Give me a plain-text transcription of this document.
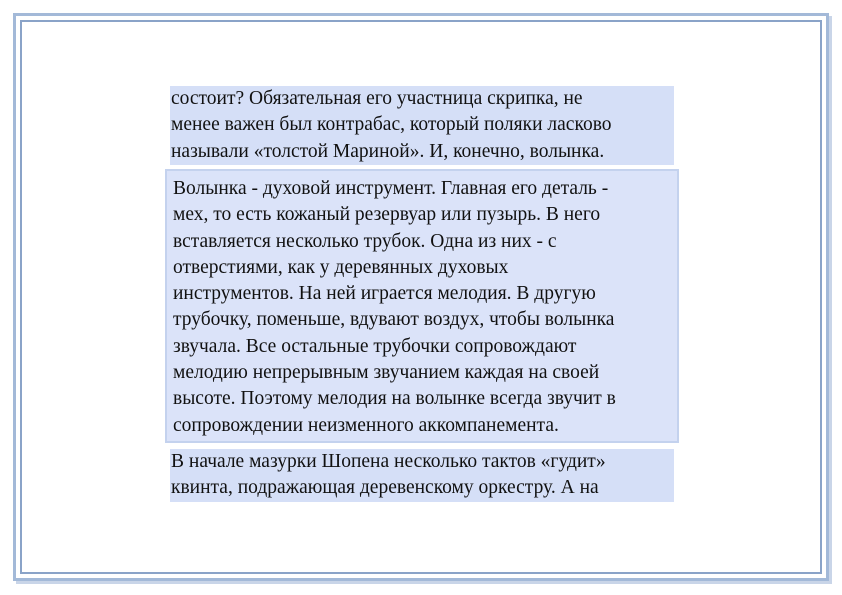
состоит? Обязательная его участница скрипка, не
менее важен был контрабас, который поляки ласково
называли «толстой Мариной». И, конечно, волынка.
Волынка - духовой инструмент. Главная его деталь -
мех, то есть кожаный резервуар или пузырь. В него
вставляется несколько трубок. Одна из них - с
отверстиями, как у деревянных духовых
инструментов. На ней играется мелодия. В другую
трубочку, поменьше, вдувают воздух, чтобы волынка
звучала. Все остальные трубочки сопровождают
мелодию непрерывным звучанием каждая на своей
высоте. Поэтому мелодия на волынке всегда звучит в
сопровождении неизменного аккомпанемента.
В начале мазурки Шопена несколько тактов «гудит»
квинта, подражающая деревенскому оркестру. А на
